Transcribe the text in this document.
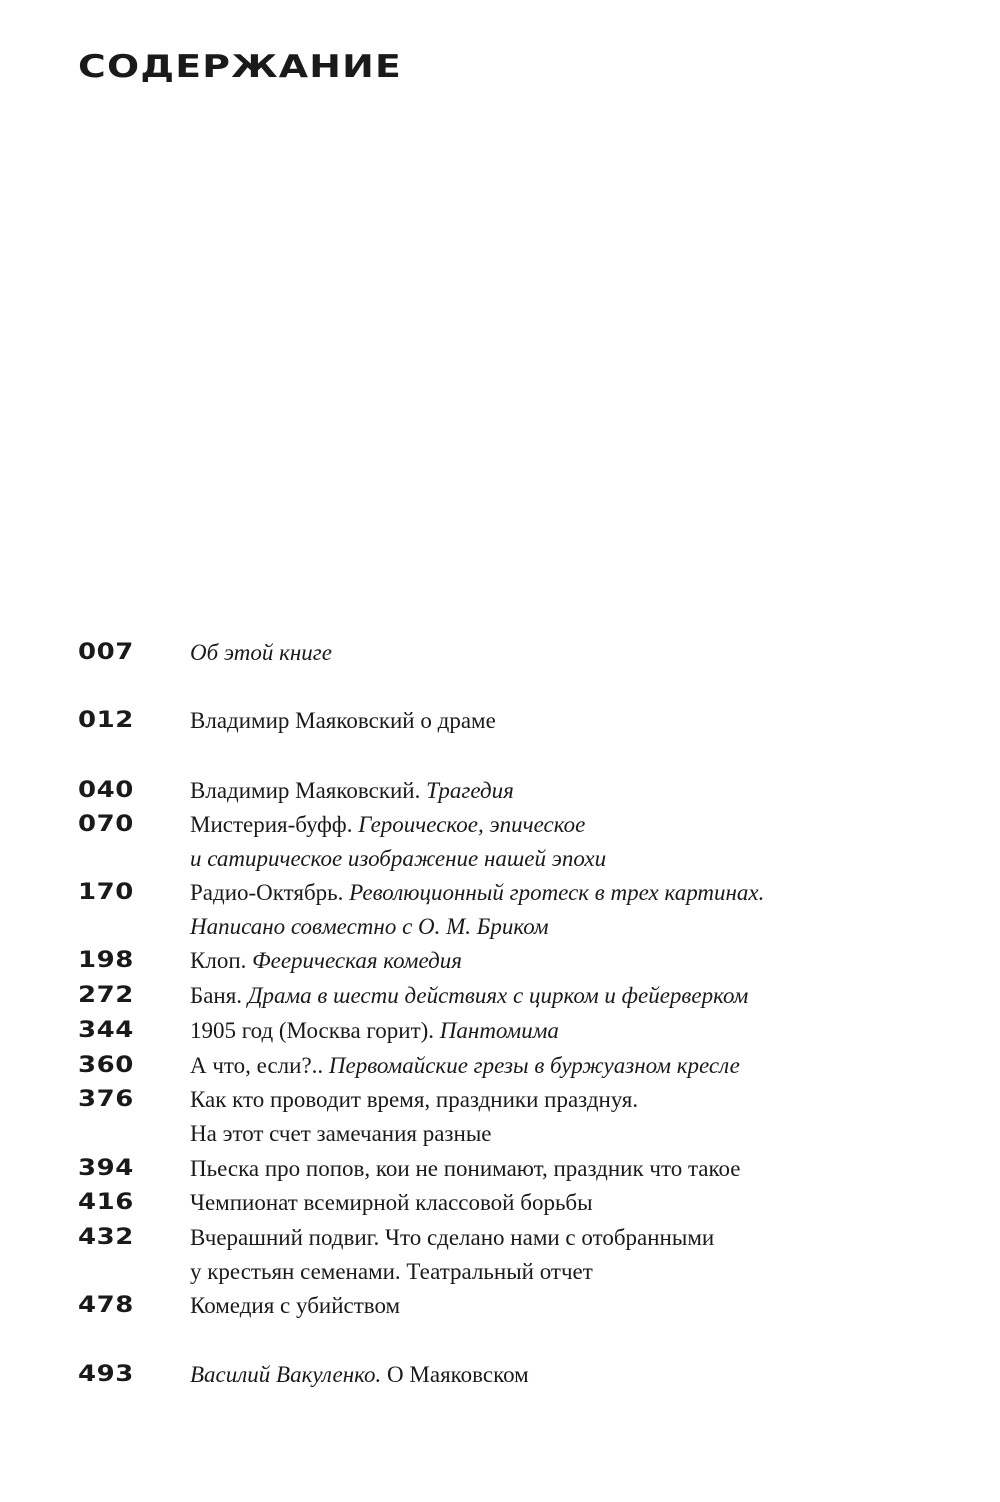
СОДЕРЖАНИЕ
007 Об этой книге
012 Владимир Маяковский о драме
040 Владимир Маяковский. Трагедия
070 Мистерия-буфф. Героическое, эпическое
и сатирическое изображение нашей эпохи
170 Радио-Октябрь. Революционный гротеск в трех картинах.
Написано совместно с О. М. Бриком
198 Клоп. Феерическая комедия
272 Баня. Драма в шести действиях с цирком и фейерверком
344 1905 год (Москва горит). Пантомима
360 А что, если?.. Первомайские грезы в буржуазном кресле
376 Как кто проводит время, праздники празднуя.
На этот счет замечания разные
394 Пьеска про попов, кои не понимают, праздник что такое
416 Чемпионат всемирной классовой борьбы
432 Вчерашний подвиг. Что сделано нами с отобранными
у крестьян семенами. Театральный отчет
478 Комедия с убийством
493 Василий Вакуленко. О Маяковском
